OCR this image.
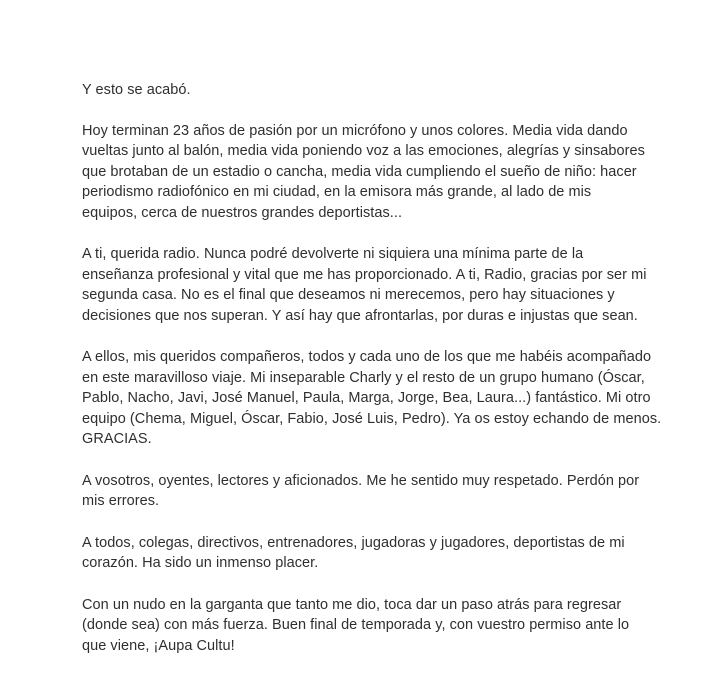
Y esto se acabó.

Hoy terminan 23 años de pasión por un micrófono y unos colores. Media vida dando
vueltas junto al balón, media vida poniendo voz a las emociones, alegrías y sinsabores
que brotaban de un estadio o cancha, media vida cumpliendo el sueño de niño: hacer
periodismo radiofónico en mi ciudad, en la emisora más grande, al lado de mis
equipos, cerca de nuestros grandes deportistas...

A ti, querida radio. Nunca podré devolverte ni siquiera una mínima parte de la
enseñanza profesional y vital que me has proporcionado. A ti, Radio, gracias por ser mi
segunda casa. No es el final que deseamos ni merecemos, pero hay situaciones y
decisiones que nos superan. Y así hay que afrontarlas, por duras e injustas que sean.

A ellos, mis queridos compañeros, todos y cada uno de los que me habéis acompañado
en este maravilloso viaje. Mi inseparable Charly y el resto de un grupo humano (Óscar,
Pablo, Nacho, Javi, José Manuel, Paula, Marga, Jorge, Bea, Laura...) fantástico. Mi otro
equipo (Chema, Miguel, Óscar, Fabio, José Luis, Pedro). Ya os estoy echando de menos.
GRACIAS.

A vosotros, oyentes, lectores y aficionados. Me he sentido muy respetado. Perdón por
mis errores.

A todos, colegas, directivos, entrenadores, jugadoras y jugadores, deportistas de mi
corazón. Ha sido un inmenso placer.

Con un nudo en la garganta que tanto me dio, toca dar un paso atrás para regresar
(donde sea) con más fuerza. Buen final de temporada y, con vuestro permiso ante lo
que viene, ¡Aupa Cultu!
